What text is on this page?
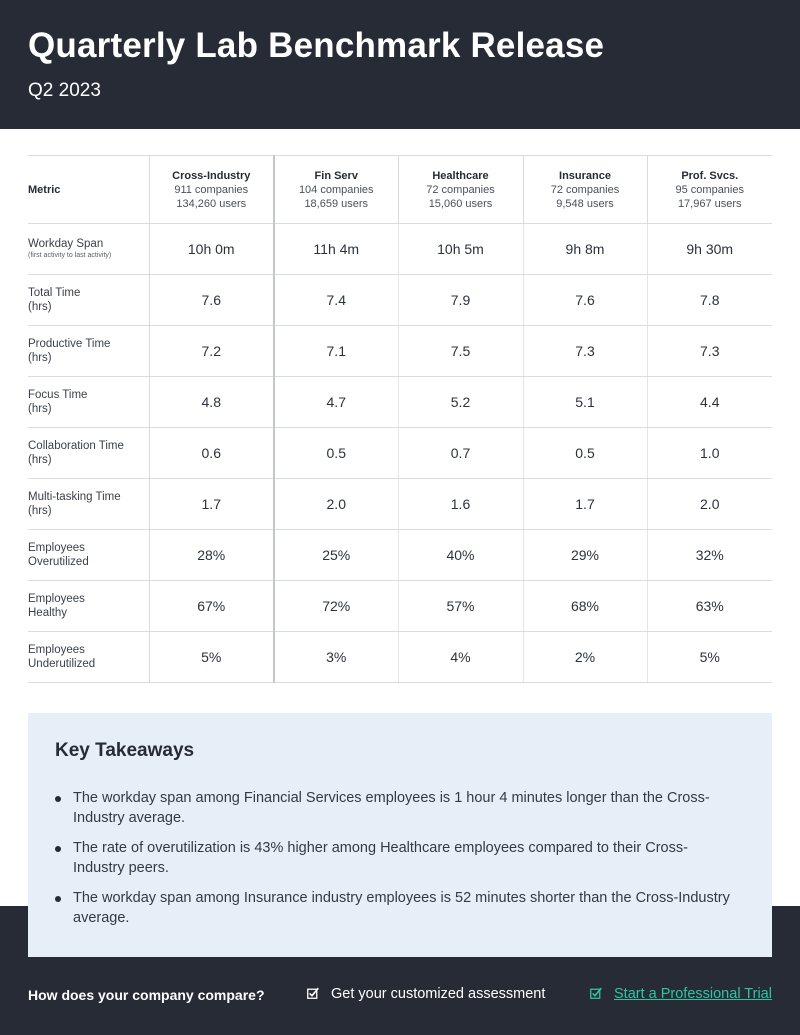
Quarterly Lab Benchmark Release
Q2 2023
Metric	Cross-Industry
911 companies
134,260 users	Fin Serv
104 companies
18,659 users	Healthcare
72 companies
15,060 users	Insurance
72 companies
9,548 users	Prof. Svcs.
95 companies
17,967 users

Workday Span
(first activity to last activity)	10h 0m	11h 4m	10h 5m	9h 8m	9h 30m

Total Time
(hrs)	7.6	7.4	7.9	7.6	7.8

Productive Time
(hrs)	7.2	7.1	7.5	7.3	7.3

Focus Time
(hrs)	4.8	4.7	5.2	5.1	4.4

Collaboration Time
(hrs)	0.6	0.5	0.7	0.5	1.0

Multi-tasking Time
(hrs)	1.7	2.0	1.6	1.7	2.0

Employees
Overutilized	28%	25%	40%	29%	32%

Employees
Healthy	67%	72%	57%	68%	63%

Employees
Underutilized	5%	3%	4%	2%	5%
How does your company compare?	Get your customized assessment	Start a Professional Trial
Key Takeaways
The workday span among Financial Services employees is 1 hour 4 minutes longer than the Cross-Industry average.
The rate of overutilization is 43% higher among Healthcare employees compared to their Cross-Industry peers.
The workday span among Insurance industry employees is 52 minutes shorter than the Cross-Industry average.
